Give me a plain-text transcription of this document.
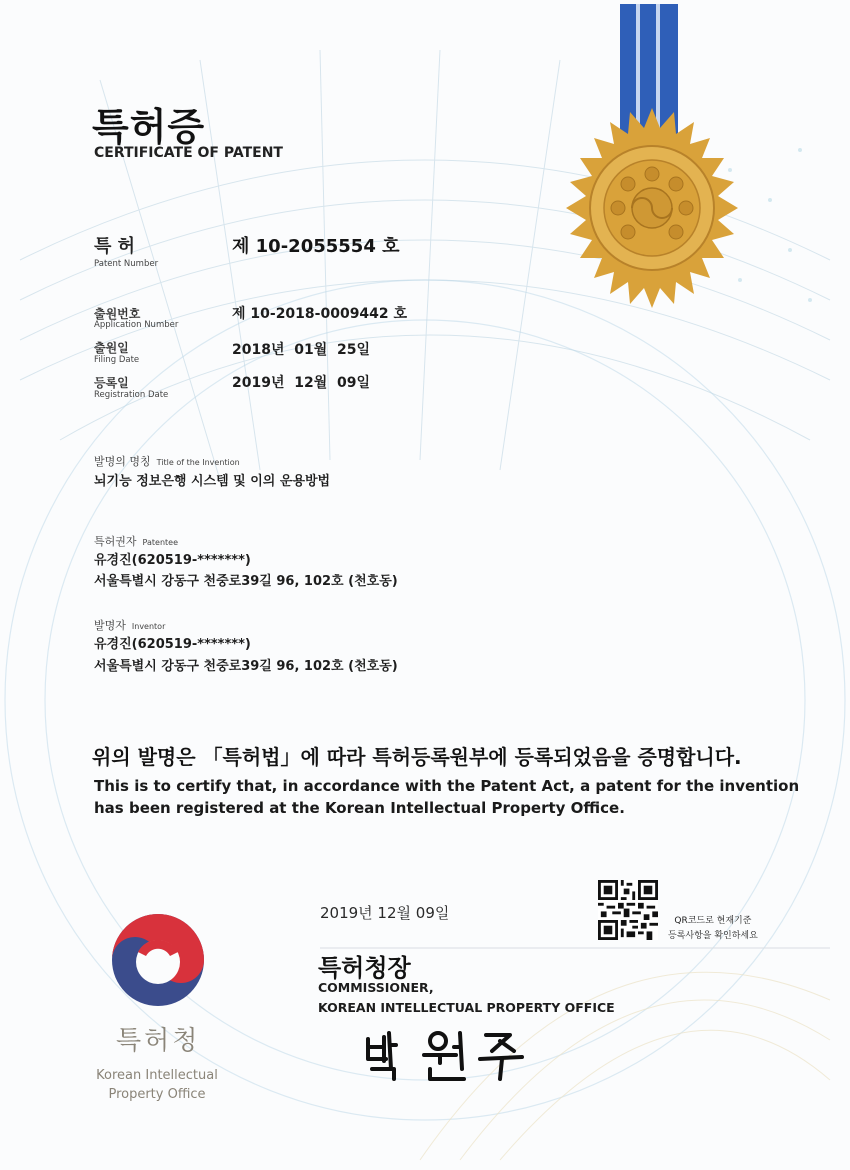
특허증
CERTIFICATE OF PATENT
특 허
Patent Number
제 10-2055554 호
출원번호
Application Number
제 10-2018-0009442 호
출원일
Filing Date
2018년  01월  25일
등록일
Registration Date
2019년  12월  09일
발명의 명칭 Title of the Invention
뇌기능 정보은행 시스템 및 이의 운용방법
특허권자 Patentee
유경진(620519-*******)
서울특별시 강동구 천중로39길 96, 102호 (천호동)
발명자 Inventor
유경진(620519-*******)
서울특별시 강동구 천중로39길 96, 102호 (천호동)
위의 발명은 「특허법」에 따라 특허등록원부에 등록되었음을 증명합니다.
This is to certify that, in accordance with the Patent Act, a patent for the invention
has been registered at the Korean Intellectual Property Office.
QR코드로 현재기준
등록사항을 확인하세요
2019년 12월 09일
특허청장
COMMISSIONER,
KOREAN INTELLECTUAL PROPERTY OFFICE
특허청
Korean Intellectual
Property Office
